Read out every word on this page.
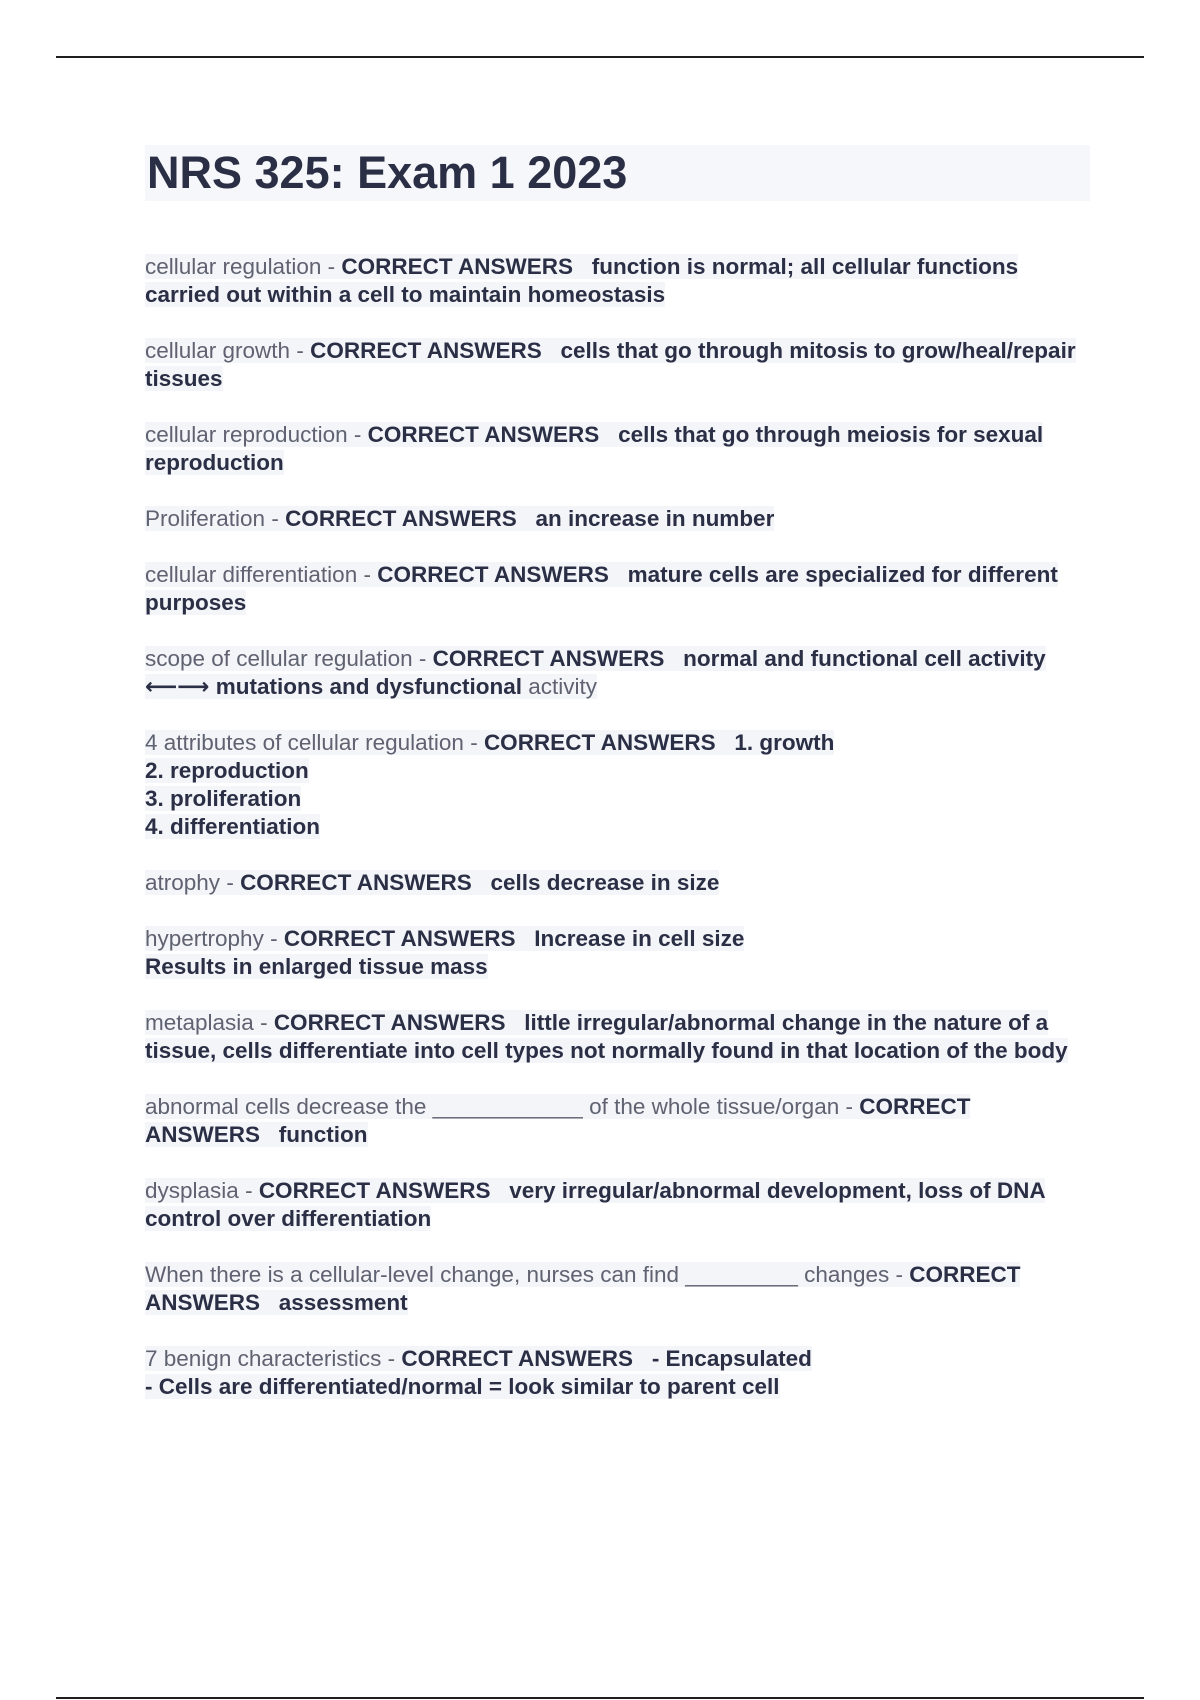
NRS 325: Exam 1 2023
cellular regulation - CORRECT ANSWERS function is normal; all cellular functions carried out within a cell to maintain homeostasis
cellular growth - CORRECT ANSWERS cells that go through mitosis to grow/heal/repair tissues
cellular reproduction - CORRECT ANSWERS cells that go through meiosis for sexual reproduction
Proliferation - CORRECT ANSWERS an increase in number
cellular differentiation - CORRECT ANSWERS mature cells are specialized for different purposes
scope of cellular regulation - CORRECT ANSWERS normal and functional cell activity ⟵⟶ mutations and dysfunctional activity
4 attributes of cellular regulation - CORRECT ANSWERS 1. growth
2. reproduction
3. proliferation
4. differentiation
atrophy - CORRECT ANSWERS cells decrease in size
hypertrophy - CORRECT ANSWERS Increase in cell size
Results in enlarged tissue mass
metaplasia - CORRECT ANSWERS little irregular/abnormal change in the nature of a tissue, cells differentiate into cell types not normally found in that location of the body
abnormal cells decrease the ____________ of the whole tissue/organ - CORRECT ANSWERS function
dysplasia - CORRECT ANSWERS very irregular/abnormal development, loss of DNA control over differentiation
When there is a cellular-level change, nurses can find _________ changes - CORRECT ANSWERS assessment
7 benign characteristics - CORRECT ANSWERS - Encapsulated
- Cells are differentiated/normal = look similar to parent cell
